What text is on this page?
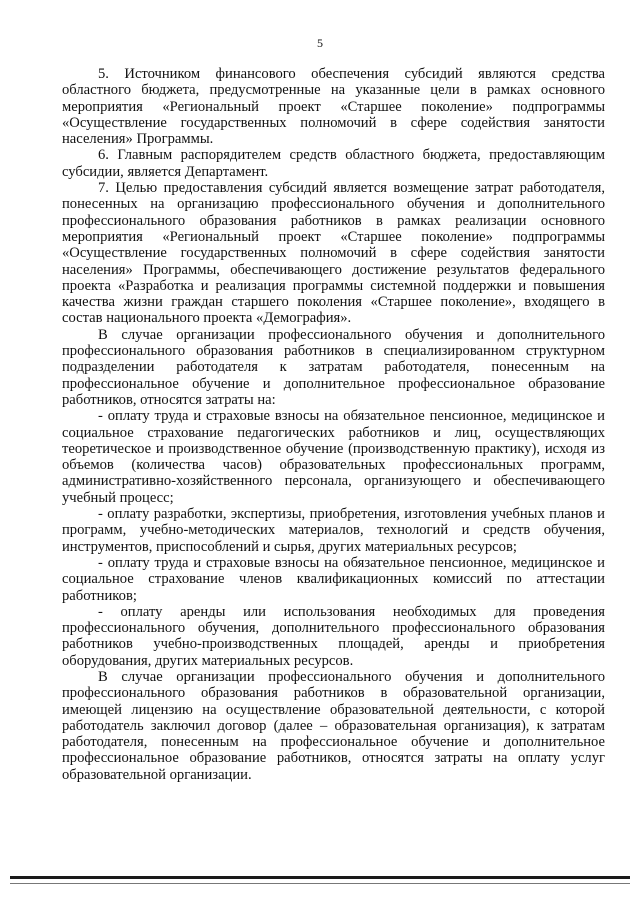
5

5. Источником финансового обеспечения субсидий являются средства областного бюджета, предусмотренные на указанные цели в рамках основного мероприятия «Региональный проект «Старшее поколение» подпрограммы «Осуществление государственных полномочий в сфере содействия занятости населения» Программы.

6. Главным распорядителем средств областного бюджета, предоставляющим субсидии, является Департамент.

7. Целью предоставления субсидий является возмещение затрат работодателя, понесенных на организацию профессионального обучения и дополнительного профессионального образования работников в рамках реализации основного мероприятия «Региональный проект «Старшее поколение» подпрограммы «Осуществление государственных полномочий в сфере содействия занятости населения» Программы, обеспечивающего достижение результатов федерального проекта «Разработка и реализация программы системной поддержки и повышения качества жизни граждан старшего поколения «Старшее поколение», входящего в состав национального проекта «Демография».

В случае организации профессионального обучения и дополнительного профессионального образования работников в специализированном структурном подразделении работодателя к затратам работодателя, понесенным на профессиональное обучение и дополнительное профессиональное образование работников, относятся затраты на:

- оплату труда и страховые взносы на обязательное пенсионное, медицинское и социальное страхование педагогических работников и лиц, осуществляющих теоретическое и производственное обучение (производственную практику), исходя из объемов (количества часов) образовательных профессиональных программ, административно-хозяйственного персонала, организующего и обеспечивающего учебный процесс;

- оплату разработки, экспертизы, приобретения, изготовления учебных планов и программ, учебно-методических материалов, технологий и средств обучения, инструментов, приспособлений и сырья, других материальных ресурсов;

- оплату труда и страховые взносы на обязательное пенсионное, медицинское и социальное страхование членов квалификационных комиссий по аттестации работников;

- оплату аренды или использования необходимых для проведения профессионального обучения, дополнительного профессионального образования работников учебно-производственных площадей, аренды и приобретения оборудования, других материальных ресурсов.

В случае организации профессионального обучения и дополнительного профессионального образования работников в образовательной организации, имеющей лицензию на осуществление образовательной деятельности, с которой работодатель заключил договор (далее – образовательная организация), к затратам работодателя, понесенным на профессиональное обучение и дополнительное профессиональное образование работников, относятся затраты на оплату услуг образовательной организации.
